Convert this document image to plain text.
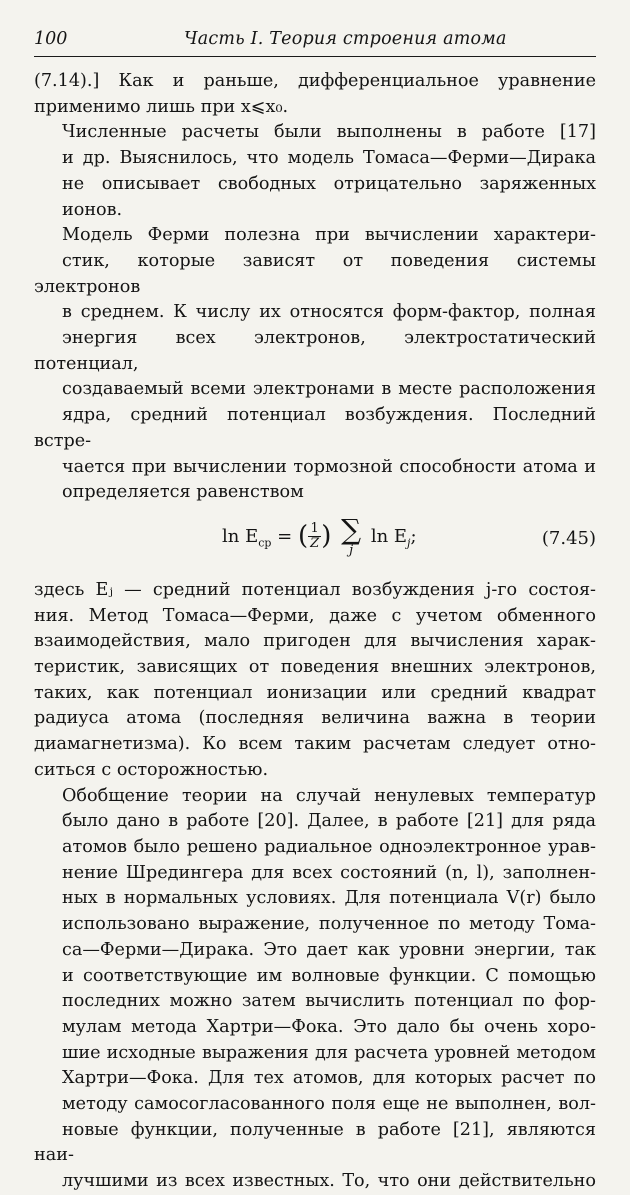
100	Часть I. Теория строения атома

(7.14).] Как и раньше, дифференциальное уравнение
применимо лишь при x⩽x₀.

Численные расчеты были выполнены в работе [17]
и др. Выяснилось, что модель Томаса—Ферми—Дирака
не описывает свободных отрицательно заряженных
ионов.

Модель Ферми полезна при вычислении характери-
стик, которые зависят от поведения системы электронов
в среднем. К числу их относятся форм-фактор, полная
энергия всех электронов, электростатический потенциал,
создаваемый всеми электронами в месте расположения
ядра, средний потенциал возбуждения. Последний встре-
чается при вычислении тормозной способности атома и
определяется равенством

$\ln E_{ср}$ = ( $\frac{1}{Z}$ ) ∑
j
$\ln E_j$;	(7.45)

здесь Eⱼ — средний потенциал возбуждения j-го состоя-
ния. Метод Томаса—Ферми, даже с учетом обменного
взаимодействия, мало пригоден для вычисления харак-
теристик, зависящих от поведения внешних электронов,
таких, как потенциал ионизации или средний квадрат
радиуса атома (последняя величина важна в теории
диамагнетизма). Ко всем таким расчетам следует отно-
ситься с осторожностью.

Обобщение теории на случай ненулевых температур
было дано в работе [20]. Далее, в работе [21] для ряда
атомов было решено радиальное одноэлектронное урав-
нение Шредингера для всех состояний (n, l), заполнен-
ных в нормальных условиях. Для потенциала V(r) было
использовано выражение, полученное по методу Тома-
са—Ферми—Дирака. Это дает как уровни энергии, так
и соответствующие им волновые функции. С помощью
последних можно затем вычислить потенциал по фор-
мулам метода Хартри—Фока. Это дало бы очень хоро-
шие исходные выражения для расчета уровней методом
Хартри—Фока. Для тех атомов, для которых расчет по
методу самосогласованного поля еще не выполнен, вол-
новые функции, полученные в работе [21], являются наи-
лучшими из всех известных. То, что они действительно
